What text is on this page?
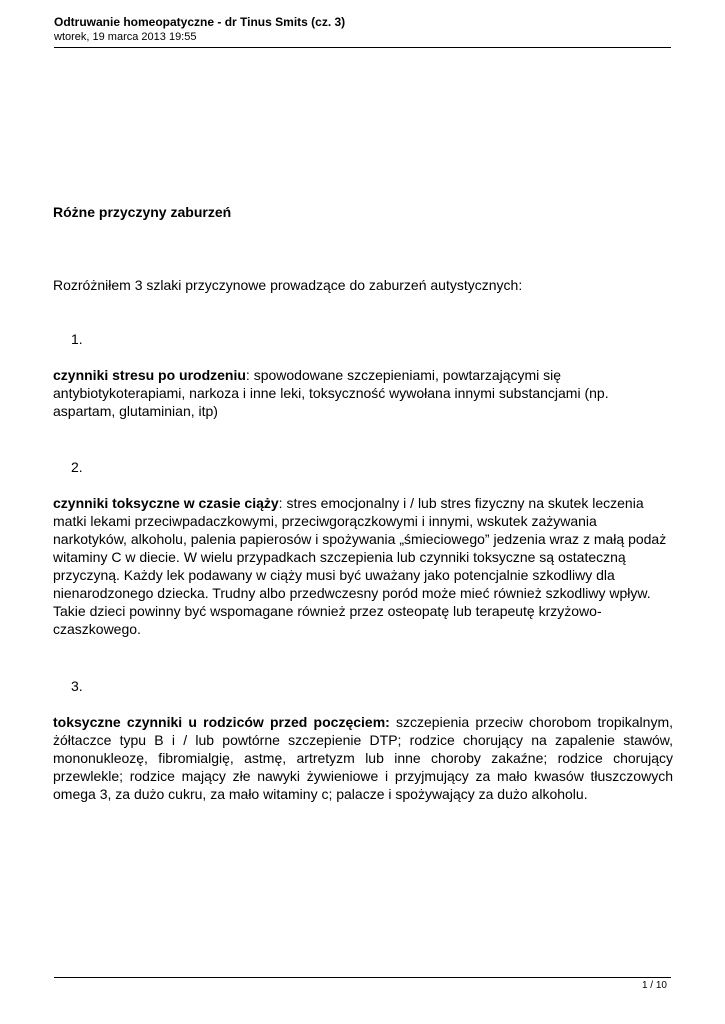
Odtruwanie homeopatyczne - dr Tinus Smits (cz. 3)
wtorek, 19 marca 2013 19:55
Różne przyczyny zaburzeń
Rozróżniłem 3 szlaki przyczynowe prowadzące do zaburzeń autystycznych:
1.
czynniki stresu po urodzeniu: spowodowane szczepieniami, powtarzającymi się antybiotykoterapiami, narkoza i inne leki, toksyczność wywołana innymi substancjami (np. aspartam, glutaminian, itp)
2.
czynniki toksyczne w czasie ciąży: stres emocjonalny i / lub stres fizyczny na skutek leczenia matki lekami przeciwpadaczkowymi, przeciwgorączkowymi i innymi, wskutek zażywania narkotyków, alkoholu, palenia papierosów i spożywania „śmieciowego” jedzenia wraz z małą podaż witaminy C w diecie. W wielu przypadkach szczepienia lub czynniki toksyczne są ostateczną przyczyną. Każdy lek podawany w ciąży musi być uważany jako potencjalnie szkodliwy dla nienarodzonego dziecka. Trudny albo przedwczesny poród może mieć również szkodliwy wpływ. Takie dzieci powinny być wspomagane również przez osteopatę lub terapeutę krzyżowo-czaszkowego.
3.
toksyczne czynniki u rodziców przed poczęciem: szczepienia przeciw chorobom tropikalnym, żółtaczce typu B i / lub powtórne szczepienie DTP; rodzice chorujący na zapalenie stawów, mononukleozę, fibromialgię, astmę, artretyzm lub inne choroby zakaźne; rodzice chorujący przewlekle; rodzice mający złe nawyki żywieniowe i przyjmujący za mało kwasów tłuszczowych omega 3, za dużo cukru, za mało witaminy c; palacze i spożywający za dużo alkoholu.
1 / 10
